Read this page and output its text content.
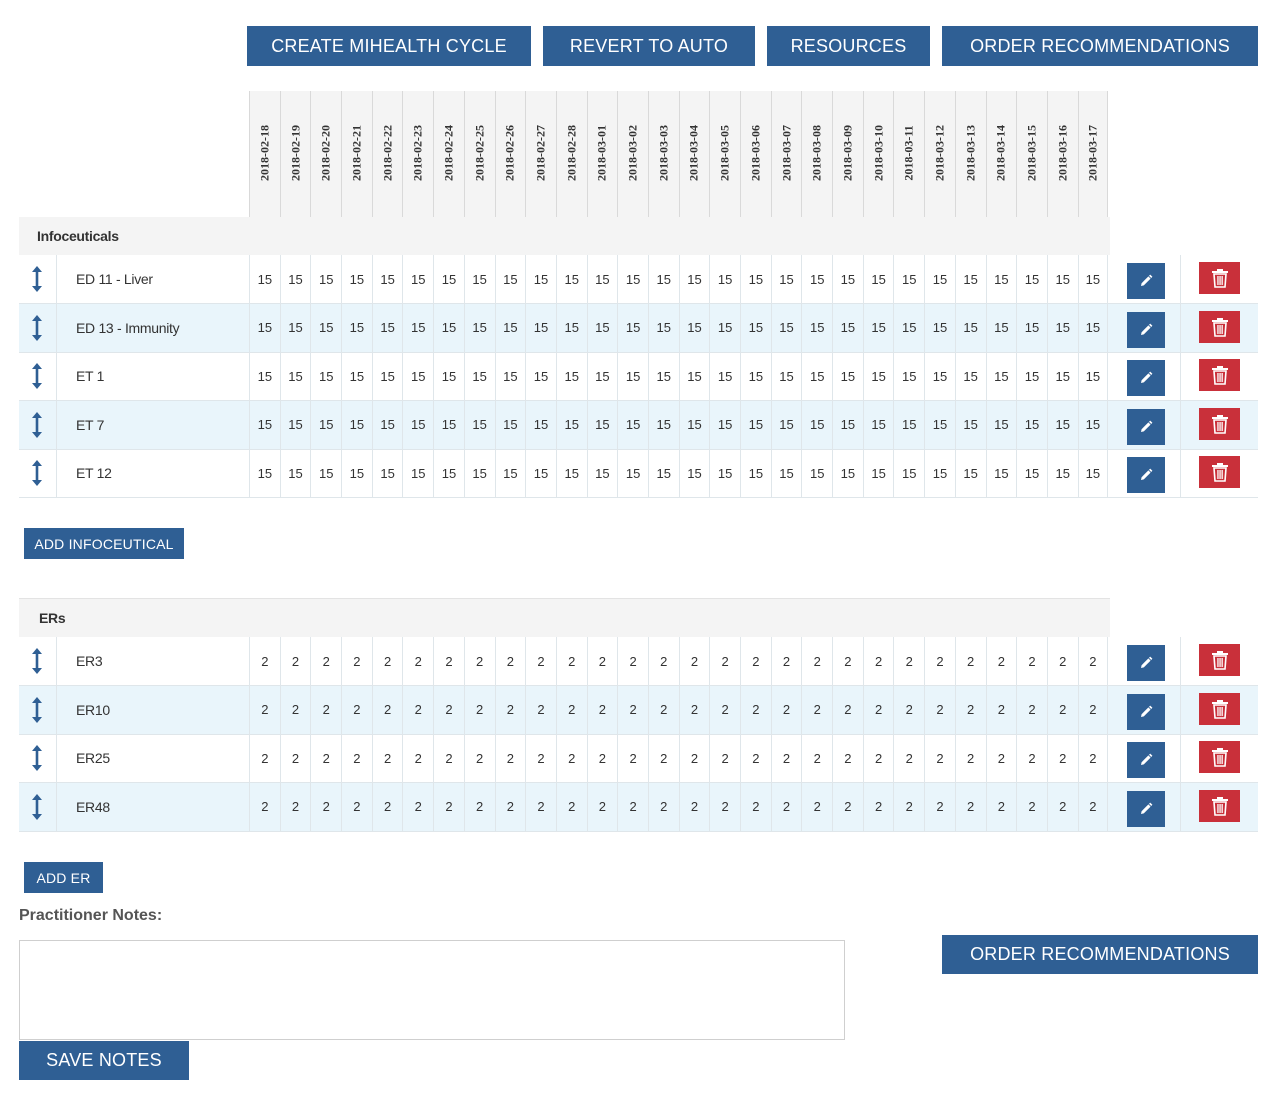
CREATE MIHEALTH CYCLE	REVERT TO AUTO	RESOURCES	ORDER RECOMMENDATIONS
2018-02-18 2018-02-19 2018-02-20 2018-02-21 2018-02-22 2018-02-23 2018-02-24 2018-02-25 2018-02-26 2018-02-27 2018-02-28 2018-03-01 2018-03-02 2018-03-03 2018-03-04 2018-03-05 2018-03-06 2018-03-07 2018-03-08 2018-03-09 2018-03-10 2018-03-11 2018-03-12 2018-03-13 2018-03-14 2018-03-15 2018-03-16 2018-03-17
Infoceuticals
ED 11 - Liver	15	15	15	15	15	15	15	15	15	15	15	15	15	15	15	15	15	15	15	15	15	15	15	15	15	15	15	15
ED 13 - Immunity	15	15	15	15	15	15	15	15	15	15	15	15	15	15	15	15	15	15	15	15	15	15	15	15	15	15	15	15
ET 1	15	15	15	15	15	15	15	15	15	15	15	15	15	15	15	15	15	15	15	15	15	15	15	15	15	15	15	15
ET 7	15	15	15	15	15	15	15	15	15	15	15	15	15	15	15	15	15	15	15	15	15	15	15	15	15	15	15	15
ET 12	15	15	15	15	15	15	15	15	15	15	15	15	15	15	15	15	15	15	15	15	15	15	15	15	15	15	15	15
ADD INFOCEUTICAL
ERs
ER3	2	2	2	2	2	2	2	2	2	2	2	2	2	2	2	2	2	2	2	2	2	2	2	2	2	2	2	2
ER10	2	2	2	2	2	2	2	2	2	2	2	2	2	2	2	2	2	2	2	2	2	2	2	2	2	2	2	2
ER25	2	2	2	2	2	2	2	2	2	2	2	2	2	2	2	2	2	2	2	2	2	2	2	2	2	2	2	2
ER48	2	2	2	2	2	2	2	2	2	2	2	2	2	2	2	2	2	2	2	2	2	2	2	2	2	2	2	2
ADD ER
Practitioner Notes:
ORDER RECOMMENDATIONS
SAVE NOTES
